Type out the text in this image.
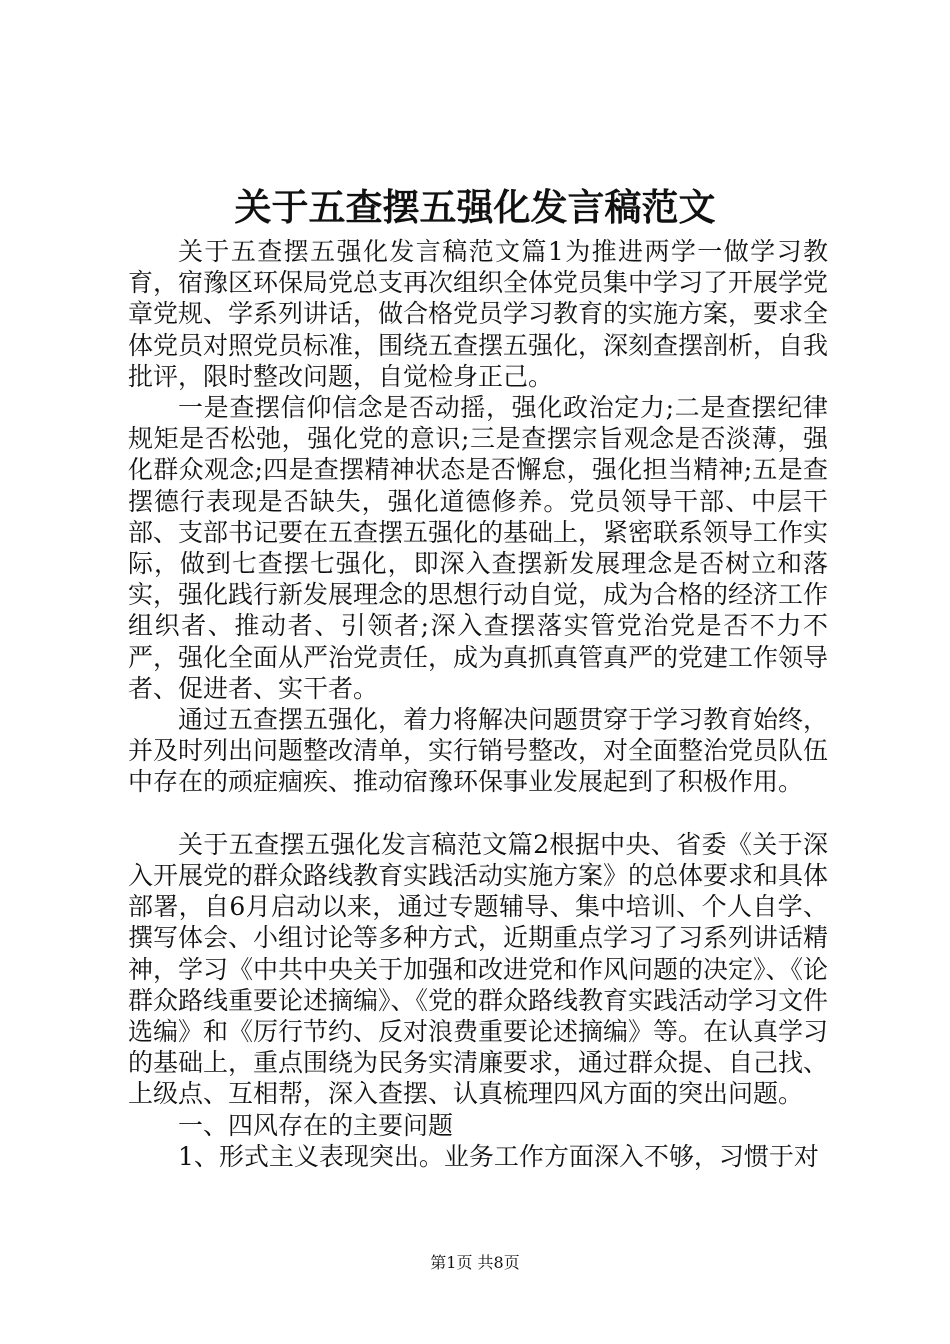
关于五查摆五强化发言稿范文

关于五查摆五强化发言稿范文篇1为推进两学一做学习教育，宿豫区环保局党总支再次组织全体党员集中学习了开展学党章党规、学系列讲话，做合格党员学习教育的实施方案，要求全体党员对照党员标准，围绕五查摆五强化，深刻查摆剖析，自我批评，限时整改问题，自觉检身正己。

一是查摆信仰信念是否动摇，强化政治定力;二是查摆纪律规矩是否松弛，强化党的意识;三是查摆宗旨观念是否淡薄，强化群众观念;四是查摆精神状态是否懈怠，强化担当精神;五是查摆德行表现是否缺失，强化道德修养。党员领导干部、中层干部、支部书记要在五查摆五强化的基础上，紧密联系领导工作实际，做到七查摆七强化，即深入查摆新发展理念是否树立和落实，强化践行新发展理念的思想行动自觉，成为合格的经济工作组织者、推动者、引领者;深入查摆落实管党治党是否不力不严，强化全面从严治党责任，成为真抓真管真严的党建工作领导者、促进者、实干者。

通过五查摆五强化，着力将解决问题贯穿于学习教育始终，并及时列出问题整改清单，实行销号整改，对全面整治党员队伍中存在的顽症痼疾、推动宿豫环保事业发展起到了积极作用。

关于五查摆五强化发言稿范文篇2根据中央、省委《关于深入开展党的群众路线教育实践活动实施方案》的总体要求和具体部署，自6月启动以来，通过专题辅导、集中培训、个人自学、撰写体会、小组讨论等多种方式，近期重点学习了习系列讲话精神，学习《中共中央关于加强和改进党和作风问题的决定》、《论群众路线重要论述摘编》、《党的群众路线教育实践活动学习文件选编》和《厉行节约、反对浪费重要论述摘编》等。在认真学习的基础上，重点围绕为民务实清廉要求，通过群众提、自己找、上级点、互相帮，深入查摆、认真梳理四风方面的突出问题。

一、四风存在的主要问题

1、形式主义表现突出。业务工作方面深入不够，习惯于对

第1页 共8页
